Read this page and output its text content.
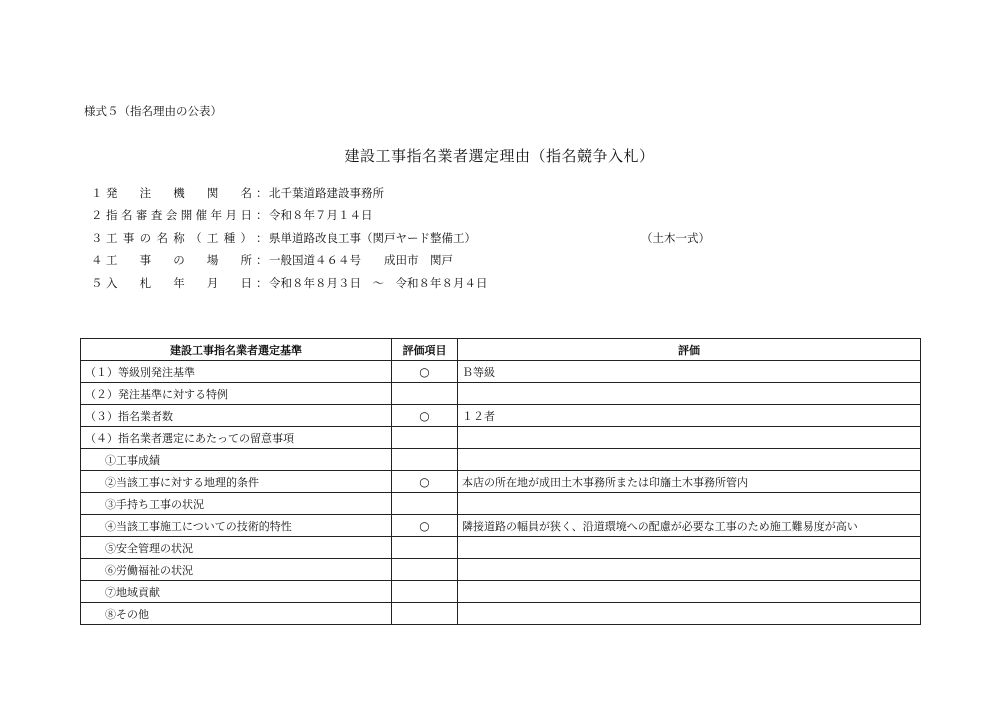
様式５（指名理由の公表）
建設工事指名業者選定理由（指名競争入札）
１ 発 注 機 関 名 ： 北千葉道路建設事務所
２ 指 名 審 査 会 開 催 年 月 日 ： 令和８年７月１４日
３ 工 事 の 名 称 （ 工 種 ） ： 県単道路改良工事（関戸ヤード整備工）	（土木一式）
４ 工 事 の 場 所 ： 一般国道４６４号　　成田市　関戸
５ 入 札 年 月 日 ： 令和８年８月３日　～　令和８年８月４日
建設工事指名業者選定基準	評価項目	評価
（１）等級別発注基準	○	Ｂ等級
（２）発注基準に対する特例		
（３）指名業者数	○	１２者
（４）指名業者選定にあたっての留意事項		
①工事成績		
②当該工事に対する地理的条件	○	本店の所在地が成田土木事務所または印旛土木事務所管内
③手持ち工事の状況		
④当該工事施工についての技術的特性	○	隣接道路の幅員が狭く、沿道環境への配慮が必要な工事のため施工難易度が高い
⑤安全管理の状況		
⑥労働福祉の状況		
⑦地域貢献		
⑧その他		
